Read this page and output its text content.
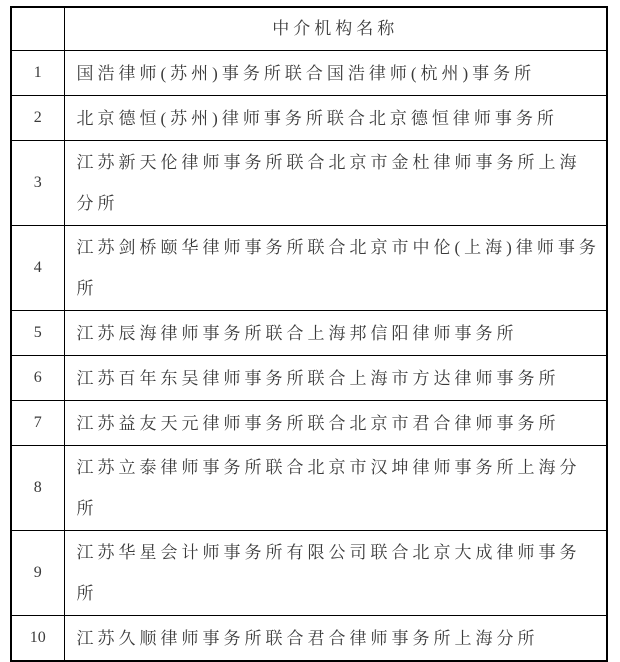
	中介机构名称
1	国浩律师(苏州)事务所联合国浩律师(杭州)事务所
2	北京德恒(苏州)律师事务所联合北京德恒律师事务所
3	江苏新天伦律师事务所联合北京市金杜律师事务所上海分所
4	江苏剑桥颐华律师事务所联合北京市中伦(上海)律师事务所
5	江苏辰海律师事务所联合上海邦信阳律师事务所
6	江苏百年东吴律师事务所联合上海市方达律师事务所
7	江苏益友天元律师事务所联合北京市君合律师事务所
8	江苏立泰律师事务所联合北京市汉坤律师事务所上海分所
9	江苏华星会计师事务所有限公司联合北京大成律师事务所
10	江苏久顺律师事务所联合君合律师事务所上海分所
